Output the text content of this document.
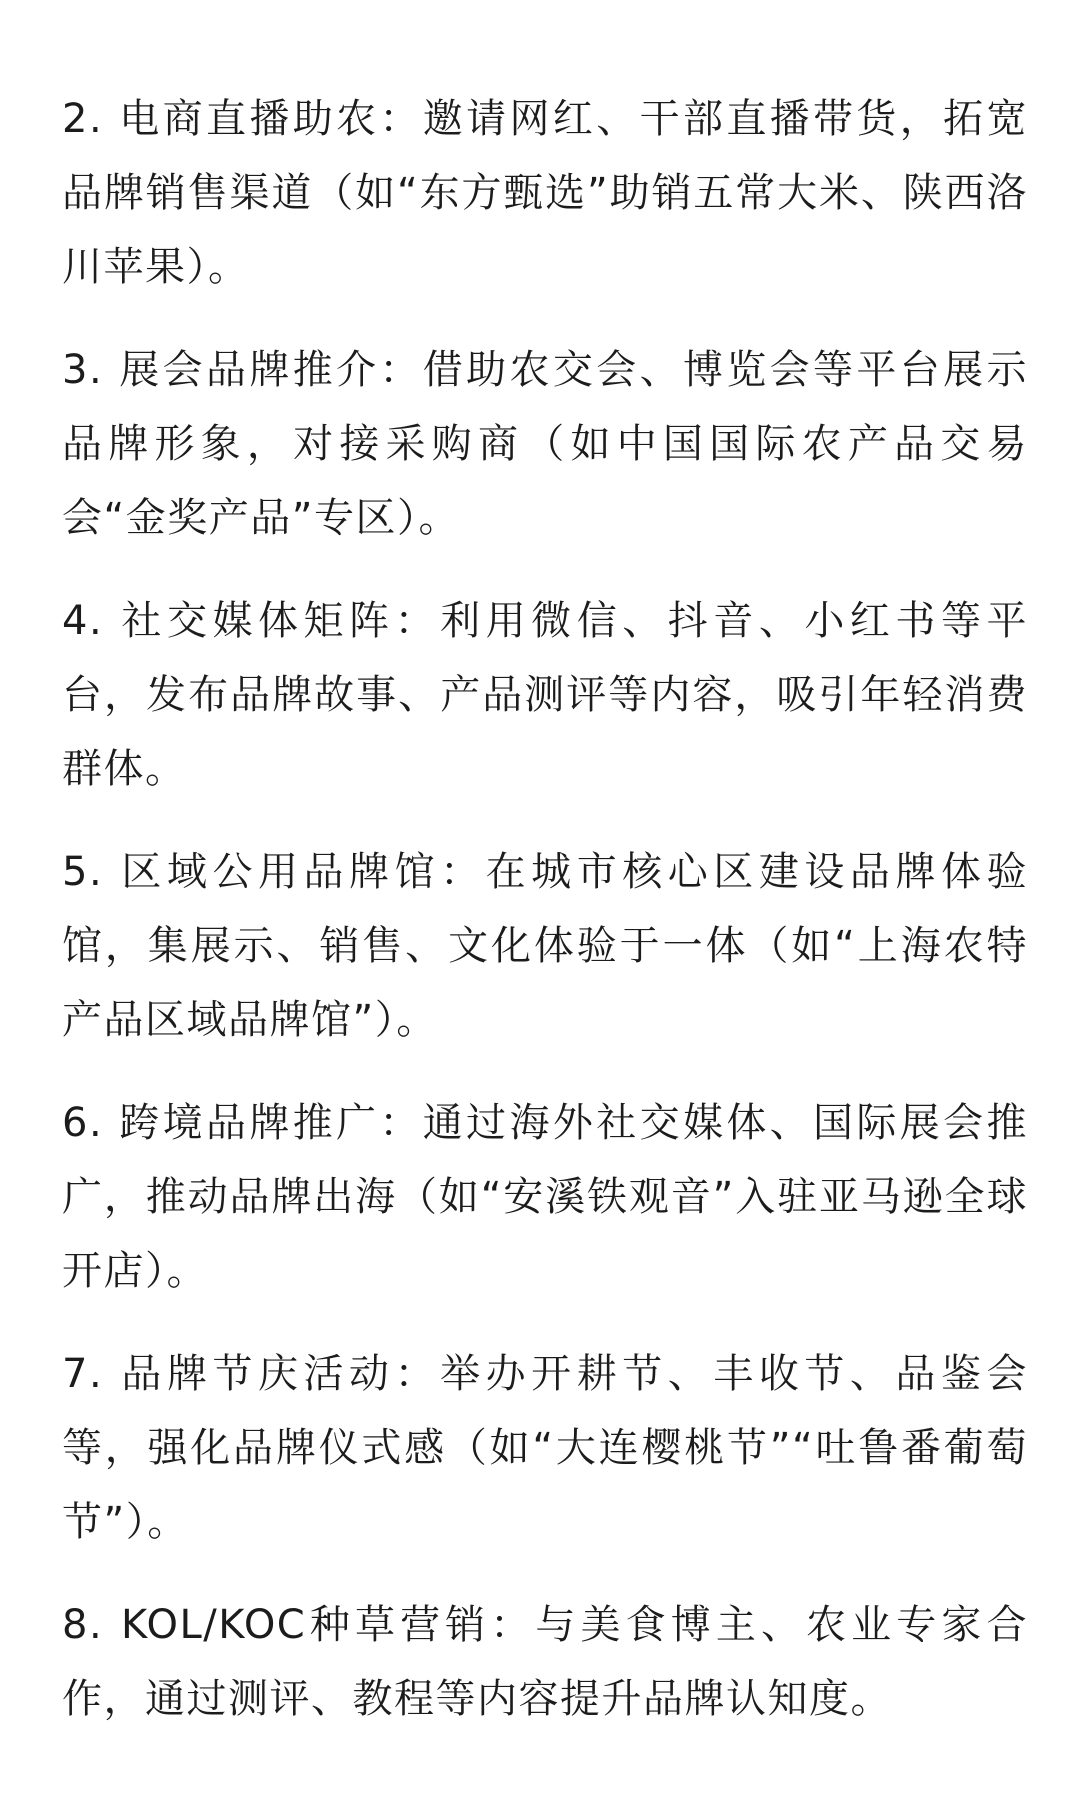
2. 电商直播助农：邀请网红、干部直播带货，拓宽品牌销售渠道（如“东方甄选”助销五常大米、陕西洛川苹果）。

3. 展会品牌推介：借助农交会、博览会等平台展示品牌形象，对接采购商（如中国国际农产品交易会“金奖产品”专区）。

4. 社交媒体矩阵：利用微信、抖音、小红书等平台，发布品牌故事、产品测评等内容，吸引年轻消费群体。

5. 区域公用品牌馆：在城市核心区建设品牌体验馆，集展示、销售、文化体验于一体（如“上海农特产品区域品牌馆”）。

6. 跨境品牌推广：通过海外社交媒体、国际展会推广，推动品牌出海（如“安溪铁观音”入驻亚马逊全球开店）。

7. 品牌节庆活动：举办开耕节、丰收节、品鉴会等，强化品牌仪式感（如“大连樱桃节”“吐鲁番葡萄节”）。

8. KOL/KOC种草营销：与美食博主、农业专家合作，通过测评、教程等内容提升品牌认知度。
